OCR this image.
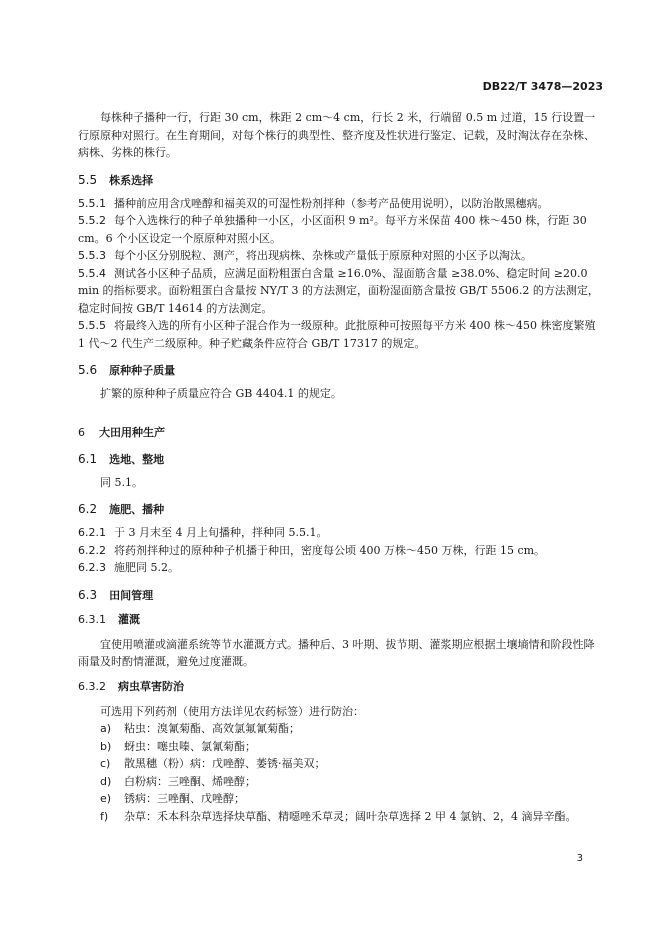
DB22/T 3478—2023
每株种子播种一行，行距 30 cm，株距 2 cm～4 cm，行长 2 米，行端留 0.5 m 过道，15 行设置一行原原种对照行。在生育期间，对每个株行的典型性、整齐度及性状进行鉴定、记载，及时淘汰存在杂株、病株、劣株的株行。
5.5 株系选择
5.5.1 播种前应用含戊唑醇和福美双的可湿性粉剂拌种（参考产品使用说明），以防治散黑穗病。
5.5.2 每个入选株行的种子单独播种一小区，小区面积 9 m²。每平方米保苗 400 株～450 株，行距 30 cm。6 个小区设定一个原原种对照小区。
5.5.3 每个小区分别脱粒、测产，将出现病株、杂株或产量低于原原种对照的小区予以淘汰。
5.5.4 测试各小区种子品质，应满足面粉粗蛋白含量 ≥16.0%、湿面筋含量 ≥38.0%、稳定时间 ≥20.0 min 的指标要求。面粉粗蛋白含量按 NY/T 3 的方法测定，面粉湿面筋含量按 GB/T 5506.2 的方法测定，稳定时间按 GB/T 14614 的方法测定。
5.5.5 将最终入选的所有小区种子混合作为一级原种。此批原种可按照每平方米 400 株～450 株密度繁殖 1 代～2 代生产二级原种。种子贮藏条件应符合 GB/T 17317 的规定。
5.6 原种种子质量
扩繁的原种种子质量应符合 GB 4404.1 的规定。
6 大田用种生产
6.1 选地、整地
同 5.1。
6.2 施肥、播种
6.2.1 于 3 月末至 4 月上旬播种，拌种同 5.5.1。
6.2.2 将药剂拌种过的原种种子机播于种田，密度每公顷 400 万株～450 万株，行距 15 cm。
6.2.3 施肥同 5.2。
6.3 田间管理
6.3.1 灌溉
宜使用喷灌或滴灌系统等节水灌溉方式。播种后、3 叶期、拔节期、灌浆期应根据土壤墒情和阶段性降雨量及时酌情灌溉，避免过度灌溉。
6.3.2 病虫草害防治
可选用下列药剂（使用方法详见农药标签）进行防治：
a) 粘虫：溴氰菊酯、高效氯氟氰菊酯；
b) 蚜虫：噻虫嗪、氯氰菊酯；
c) 散黑穗（粉）病：戊唑醇、萎锈·福美双；
d) 白粉病：三唑酮、烯唑醇；
e) 锈病：三唑酮、戊唑醇；
f) 杂草：禾本科杂草选择炔草酯、精噁唑禾草灵；阔叶杂草选择 2 甲 4 氯钠、2，4 滴异辛酯。
3
